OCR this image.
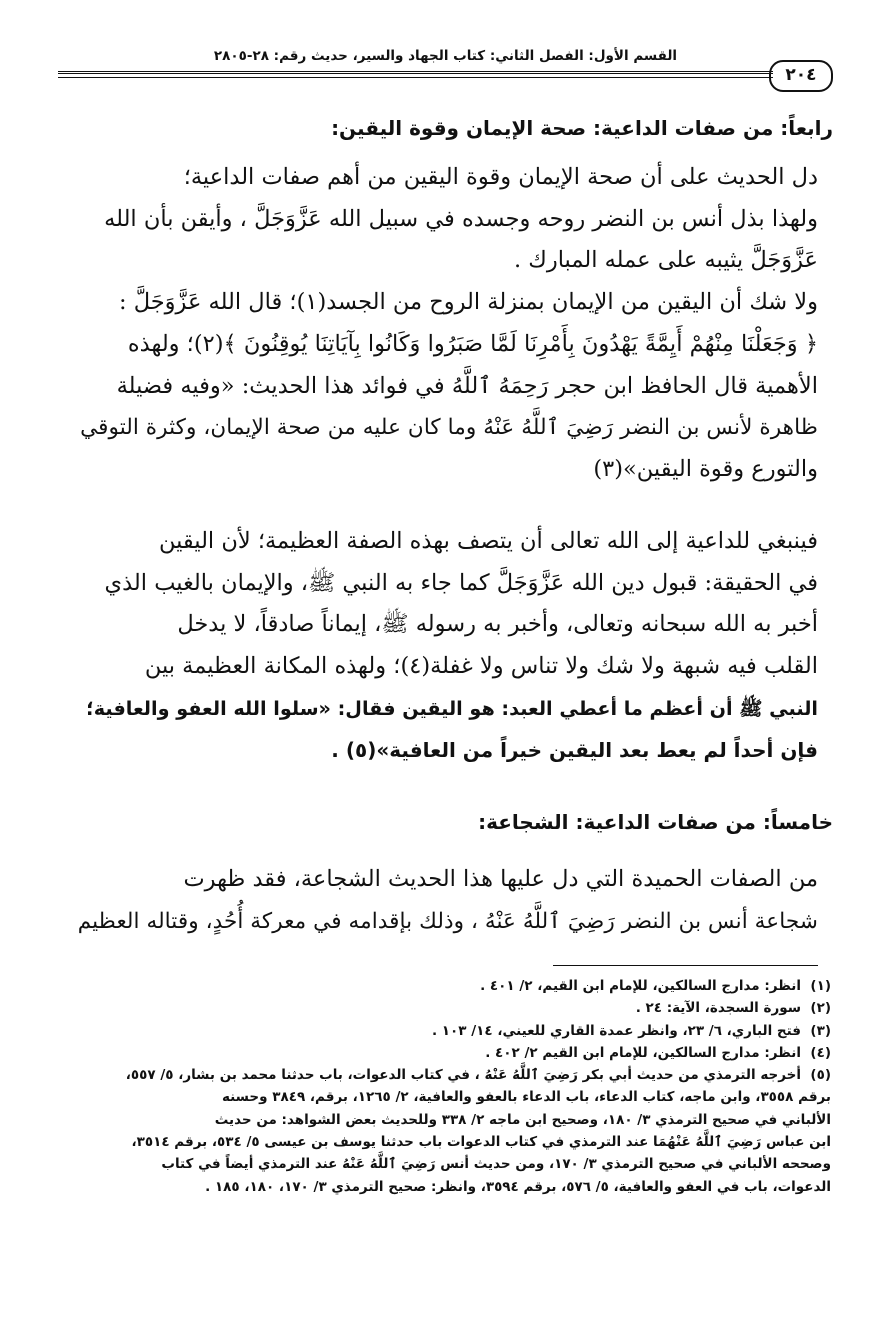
القسم الأول: الفصل الثاني: كتاب الجهاد والسير، حديث رقم: ٢٨-٢٨٠٥
٢٠٤
رابعاً: من صفات الداعية: صحة الإيمان وقوة اليقين:
دل الحديث على أن صحة الإيمان وقوة اليقين من أهم صفات الداعية؛
ولهذا بذل أنس بن النضر روحه وجسده في سبيل الله عَزَّوَجَلَّ ، وأيقن بأن الله
عَزَّوَجَلَّ يثيبه على عمله المبارك .
ولا شك أن اليقين من الإيمان بمنزلة الروح من الجسد(١)؛ قال الله عَزَّوَجَلَّ :
﴿ وَجَعَلْنَا مِنْهُمْ أَيِمَّةً يَهْدُونَ بِأَمْرِنَا لَمَّا صَبَرُوا وَكَانُوا بِآيَاتِنَا يُوقِنُونَ ﴾(٢)؛ ولهذه
الأهمية قال الحافظ ابن حجر رَحِمَهُ ٱللَّهُ في فوائد هذا الحديث: «وفيه فضيلة
ظاهرة لأنس بن النضر رَضِيَ ٱللَّهُ عَنْهُ وما كان عليه من صحة الإيمان، وكثرة التوقي
والتورع وقوة اليقين»(٣)
فينبغي للداعية إلى الله تعالى أن يتصف بهذه الصفة العظيمة؛ لأن اليقين
في الحقيقة: قبول دين الله عَزَّوَجَلَّ كما جاء به النبي ﷺ، والإيمان بالغيب الذي
أخبر به الله سبحانه وتعالى، وأخبر به رسوله ﷺ، إيماناً صادقاً، لا يدخل
القلب فيه شبهة ولا شك ولا تناس ولا غفلة(٤)؛ ولهذه المكانة العظيمة بين
النبي ﷺ أن أعظم ما أعطي العبد: هو اليقين فقال: «سلوا الله العفو والعافية؛
فإن أحداً لم يعط بعد اليقين خيراً من العافية»(٥) .
خامساً: من صفات الداعية: الشجاعة:
من الصفات الحميدة التي دل عليها هذا الحديث الشجاعة، فقد ظهرت
شجاعة أنس بن النضر رَضِيَ ٱللَّهُ عَنْهُ ، وذلك بإقدامه في معركة أُحُدٍ، وقتاله العظيم
(١)انظر: مدارج السالكين، للإمام ابن القيم، ٢/ ٤٠١ .
(٢)سورة السجدة، الآية: ٢٤ .
(٣)فتح الباري، ٦/ ٢٣، وانظر عمدة القاري للعيني، ١٤/ ١٠٣ .
(٤)انظر: مدارج السالكين، للإمام ابن القيم ٢/ ٤٠٢ .
(٥)أخرجه الترمذي من حديث أبي بكر رَضِيَ ٱللَّهُ عَنْهُ ، في كتاب الدعوات، باب حدثنا محمد بن بشار، ٥/ ٥٥٧،
برقم ٣٥٥٨، وابن ماجه، كتاب الدعاء، باب الدعاء بالعفو والعافية، ٢/ ١٢٦٥، برقم، ٣٨٤٩ وحسنه
الألباني في صحيح الترمذي ٣/ ١٨٠، وصحيح ابن ماجه ٢/ ٣٣٨ وللحديث بعض الشواهد: من حديث
ابن عباس رَضِيَ ٱللَّهُ عَنْهُمَا عند الترمذي في كتاب الدعوات باب حدثنا يوسف بن عيسى ٥/ ٥٣٤، برقم ٣٥١٤،
وصححه الألباني في صحيح الترمذي ٣/ ١٧٠، ومن حديث أنس رَضِيَ ٱللَّهُ عَنْهُ عند الترمذي أيضاً في كتاب
الدعوات، باب في العفو والعافية، ٥/ ٥٧٦، برقم ٣٥٩٤، وانظر: صحيح الترمذي ٣/ ١٧٠، ١٨٠، ١٨٥ .
